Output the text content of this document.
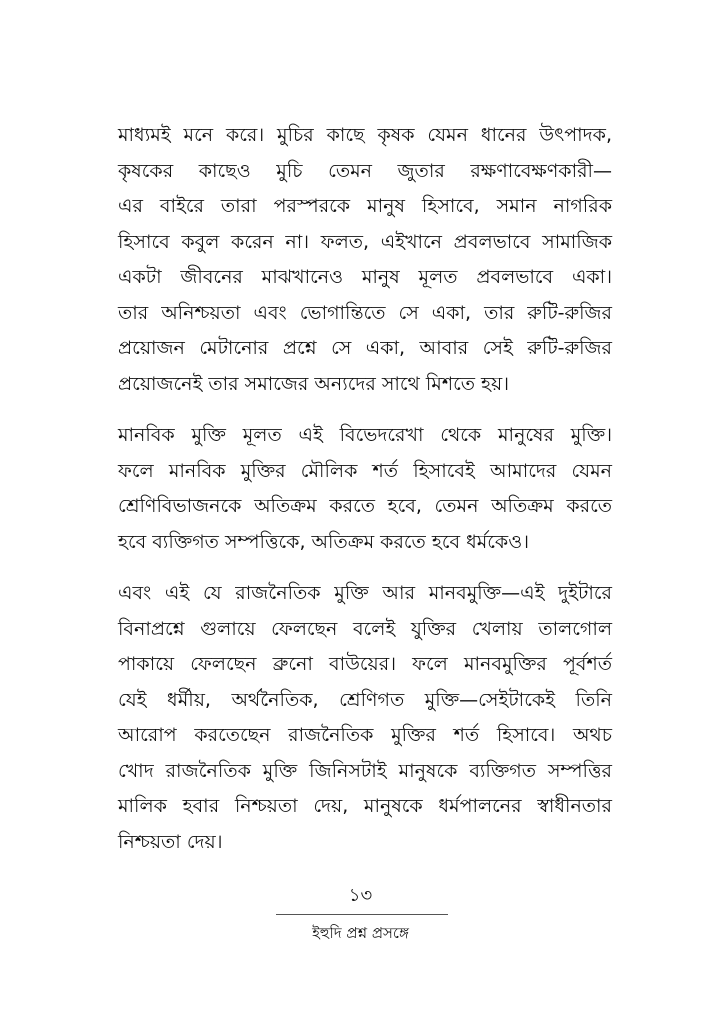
মাধ্যমই মনে করে। মুচির কাছে কৃষক যেমন ধানের উৎপাদক,
কৃষকের কাছেও মুচি তেমন জুতার রক্ষণাবেক্ষণকারী—
এর বাইরে তারা পরস্পরকে মানুষ হিসাবে, সমান নাগরিক
হিসাবে কবুল করেন না। ফলত, এইখানে প্রবলভাবে সামাজিক
একটা জীবনের মাঝখানেও মানুষ মূলত প্রবলভাবে একা।
তার অনিশ্চয়তা এবং ভোগান্তিতে সে একা, তার রুটি-রুজির
প্রয়োজন মেটানোর প্রশ্নে সে একা, আবার সেই রুটি-রুজির
প্রয়োজনেই তার সমাজের অন্যদের সাথে মিশতে হয়।
মানবিক মুক্তি মূলত এই বিভেদরেখা থেকে মানুষের মুক্তি।
ফলে মানবিক মুক্তির মৌলিক শর্ত হিসাবেই আমাদের যেমন
শ্রেণিবিভাজনকে অতিক্রম করতে হবে, তেমন অতিক্রম করতে
হবে ব্যক্তিগত সম্পত্তিকে, অতিক্রম করতে হবে ধর্মকেও।
এবং এই যে রাজনৈতিক মুক্তি আর মানবমুক্তি—এই দুইটারে
বিনাপ্রশ্নে গুলায়ে ফেলছেন বলেই যুক্তির খেলায় তালগোল
পাকায়ে ফেলছেন ব্রুনো বাউয়ের। ফলে মানবমুক্তির পূর্বশর্ত
যেই ধর্মীয়, অর্থনৈতিক, শ্রেণিগত মুক্তি—সেইটাকেই তিনি
আরোপ করতেছেন রাজনৈতিক মুক্তির শর্ত হিসাবে। অথচ
খোদ রাজনৈতিক মুক্তি জিনিসটাই মানুষকে ব্যক্তিগত সম্পত্তির
মালিক হবার নিশ্চয়তা দেয়, মানুষকে ধর্মপালনের স্বাধীনতার
নিশ্চয়তা দেয়।
১৩
ইহুদি প্রশ্ন প্রসঙ্গে
